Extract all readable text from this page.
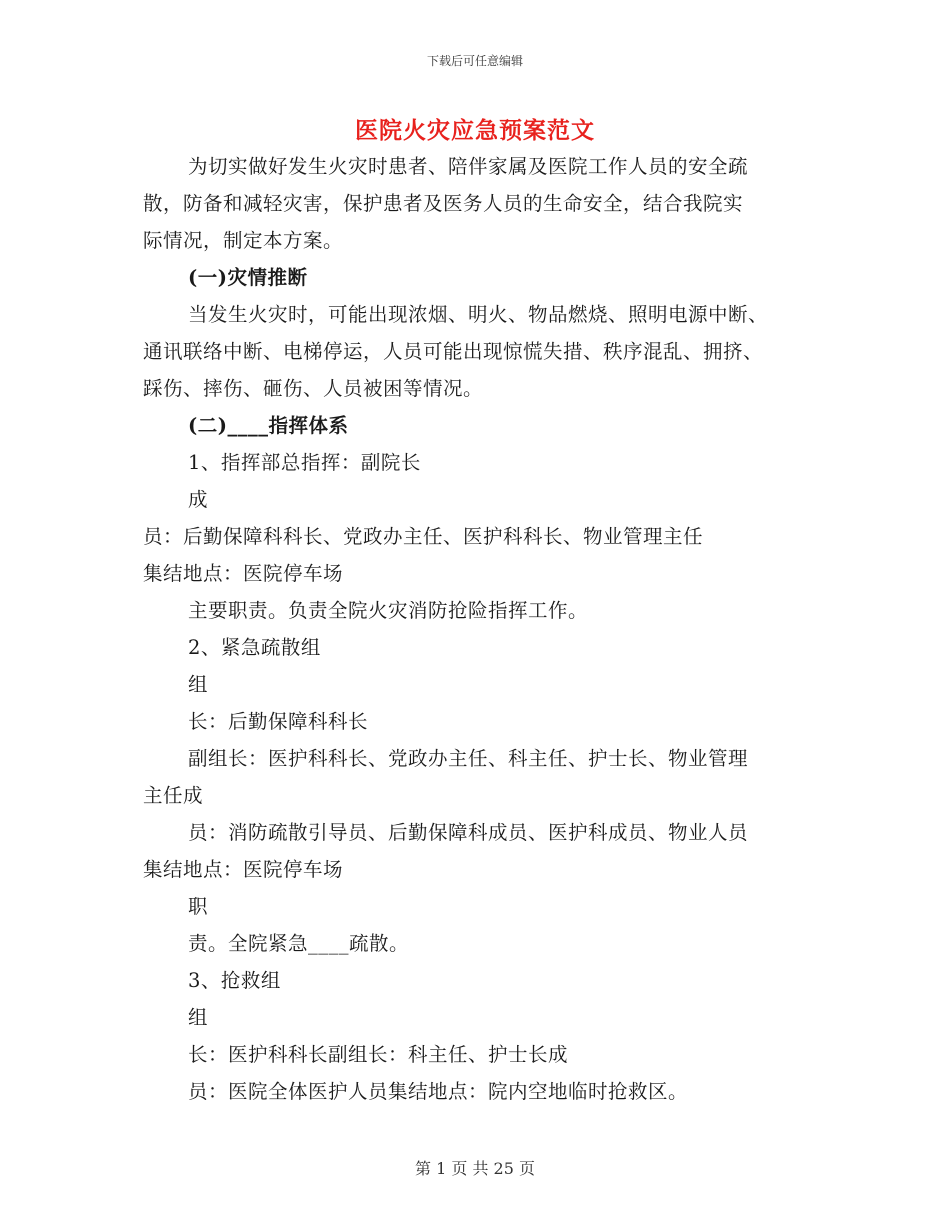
下载后可任意编辑
医院火灾应急预案范文
为切实做好发生火灾时患者、陪伴家属及医院工作人员的安全疏
散，防备和减轻灾害，保护患者及医务人员的生命安全，结合我院实
际情况，制定本方案。
(一)灾情推断
当发生火灾时，可能出现浓烟、明火、物品燃烧、照明电源中断、
通讯联络中断、电梯停运，人员可能出现惊慌失措、秩序混乱、拥挤、
踩伤、摔伤、砸伤、人员被困等情况。
(二)____指挥体系
1、指挥部总指挥：副院长
成
员：后勤保障科科长、党政办主任、医护科科长、物业管理主任
集结地点：医院停车场
主要职责。负责全院火灾消防抢险指挥工作。
2、紧急疏散组
组
长：后勤保障科科长
副组长：医护科科长、党政办主任、科主任、护士长、物业管理
主任成
员：消防疏散引导员、后勤保障科成员、医护科成员、物业人员
集结地点：医院停车场
职
责。全院紧急____疏散。
3、抢救组
组
长：医护科科长副组长：科主任、护士长成
员：医院全体医护人员集结地点：院内空地临时抢救区。
第 1 页 共 25 页
